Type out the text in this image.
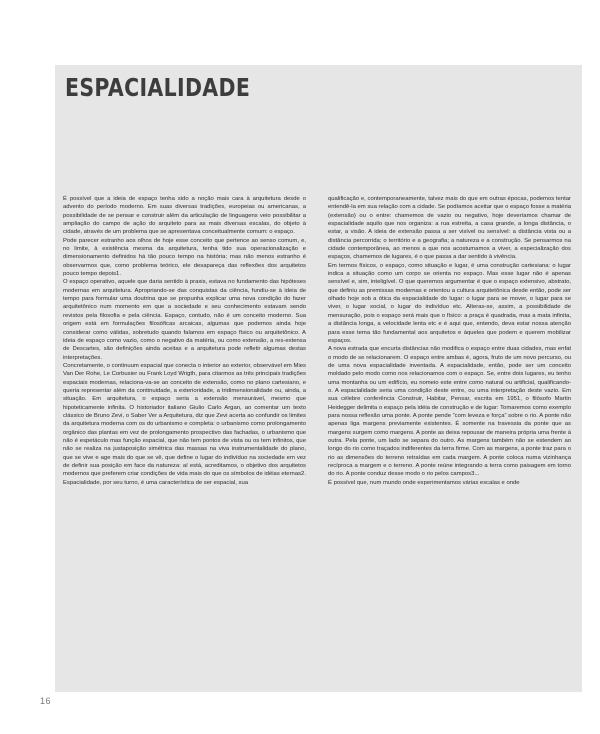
ESPACIALIDADE

É possível que a ideia de espaço tenha sido a noção mais cara à arquitetura desde o advento do período moderno. Em suas diversas tradições, europeias ou americanas, a possibilidade de se pensar e construir além da articulação de linguagens veio possibilitar a ampliação do campo de ação do arquiteto para as mais diversas escalas, do objeto à cidade, através de um problema que se apresentava conceitualmente comum: o espaço.

Pode parecer estranho aos olhos de hoje esse conceito que pertence ao senso comum, e, no limite, à existência mesma da arquitetura, tenha tido sua operacionalização e dimensionamento definidos há tão pouco tempo na história; mas não menos estranho é observarmos que, como problema teórico, ele desapareça das reflexões dos arquitetos pouco tempo depois1.

O espaço operativo, aquele que daria sentido à praxis, estava no fundamento das hipóteses modernas em arquitetura. Apropriando-se das conquistas da ciência, fundiu-se à ideia de tempo para formular uma doutrina que se propunha explicar uma nova condição do fazer arquitetônico num momento em que a sociedade e seu conhecimento estavam sendo revistos pela filosofia e pela ciência. Espaço, contudo, não é um conceito moderno. Sua origem está em formulações filosóficas arcaicas, algumas que podemos ainda hoje considerar como válidas, sobretudo quando falamos em espaço físico ou arquitetônico. A ideia de espaço como vazio, como o negativo da matéria, ou como extensão, a res-extensa de Descartes, são definições ainda aceitas e a arquitetura pode refletir algumas destas interpretações.

Concretamente, o continuum espacial que conecta o interior ao exterior, observável em Mies Van Der Rohe, Le Corbusier ou Frank Loyd Wrigth, para citarmos as três principais tradições espaciais modernas, relaciona-va-se ao conceito de extensão, como no plano cartesiano, e queria representar além da continuidade, a exterioridade, a tridimensionalidade ou, ainda, a situação. Em arquitetura, o espaço seria a extensão mensurável, mesmo que hipoteticamente infinita. O historiador italiano Giulio Carlo Argan, ao comentar um texto clássico de Bruno Zevi, o Saber Ver a Arquitetura, diz que Zevi acerta ao confundir os limites da arquitetura moderna com os do urbanismo e completa: o urbanismo como prolongamento orgânico das plantas em vez de prolongamento prospectivo das fachadas, o urbanismo que não é espetáculo mas função espacial, que não tem pontos de vista ou os tem infinitos, que não se realiza na justaposição simétrica das massas na viva instrumentalidade do plano, que se vive e age mais do que se vê, que define o lugar do indivíduo na sociedade em vez de definir sua posição em face da natureza: aí está, acreditamos, o objetivo dos arquitetos modernos que preferem criar condições de vida mais do que os símbolos de idéias eternas2.

Espacialidade, por seu turno, é uma característica de ser espacial, sua

qualificação e, contemporaneamente, talvez mais do que em outras épocas, podemos tentar entendê-la em sua relação com a cidade. Se podíamos aceitar que o espaço fosse a matéria (extensão) ou o entre: chamemos de vazio ou negativo, hoje deveríamos chamar de espacialidade aquilo que nos organiza: a rua estreita, a casa grande, a longa distância, o estar, a visão. A ideia de extensão passa a ser visível ou sensível: a distância vista ou a distância percorrida; o território e a geografia; a natureza e a construção. Se pensarmos na cidade contemporânea, ao menos a que nos acostumamos a viver, a especialização dos espaços, chamemos de lugares, é o que passa a dar sentido à vivência.

Em termos físicos, o espaço, como situação e lugar, é uma construção cartesiana: o lugar indica a situação como um corpo se orienta no espaço. Mas esse lugar não é apenas sensível e, sim, inteligível. O que queremos argumentar é que o espaço extensivo, abstrato, que definiu as premissas modernas e orientou a cultura arquitetônica desde então, pode ser olhado hoje sob a ótica da espacialidade do lugar: o lugar para se mover, o lugar para se viver, o lugar social, o lugar do indivíduo etc. Alteras-se, assim, a possibilidade de mensuração, pois o espaço será mais que o físico: a praça é quadrada, mas a mata infinita, a distância longa, a velocidade lenta etc e é aqui que, entendo, deva estar nossa atenção para esse tema tão fundamental aos arquitetos e àqueles que podem e querem mobilizar espaços.

A nova estrada que encurta distâncias não modifica o espaço entre duas cidades, mas enfat o modo de se relacionarem. O espaço entre ambas é, agora, fruto de um novo percurso, ou de uma nova espacialidade inventada. A espacialidade, então, pode ser um conceito moldado pelo modo como nos relacionamos com o espaço. Se, entre dois lugares, eu tenho uma montanha ou um edifício, eu nomeio este entre como natural ou artificial, qualificando-o. A espacialidade seria uma condição deste entre, ou uma interpretação deste vazio. Em sua célebre conferência Construir, Habitar, Pensar, escrita em 1951, o filósofo Martin Heidegger delimita o espaço pela idéia de construção e de lugar: Tomaremos como exemplo para nossa reflexão uma ponte. A ponte pende “com leveza e força” sobre o rio. A ponte não apenas liga margens previamente existentes. É somente na travessia da ponte que as margens surgem como margens. A ponte as deixa repousar de maneira própria uma frente à outra. Pela ponte, um lado se separa do outro. As margens também não se estendem ao longo do rio como traçados indiferentes da terra firme. Com as margens, a ponte traz para o rio as dimensões do terreno retraídas em cada margem. A ponte coloca numa vizinhança recíproca a margem e o terreno. A ponte reúne integrando a terra como paisagem em torno do rio. A ponte conduz desse modo o rio pelos campos3...

É possível que, num mundo onde experimentamos várias escalas e onde

16
